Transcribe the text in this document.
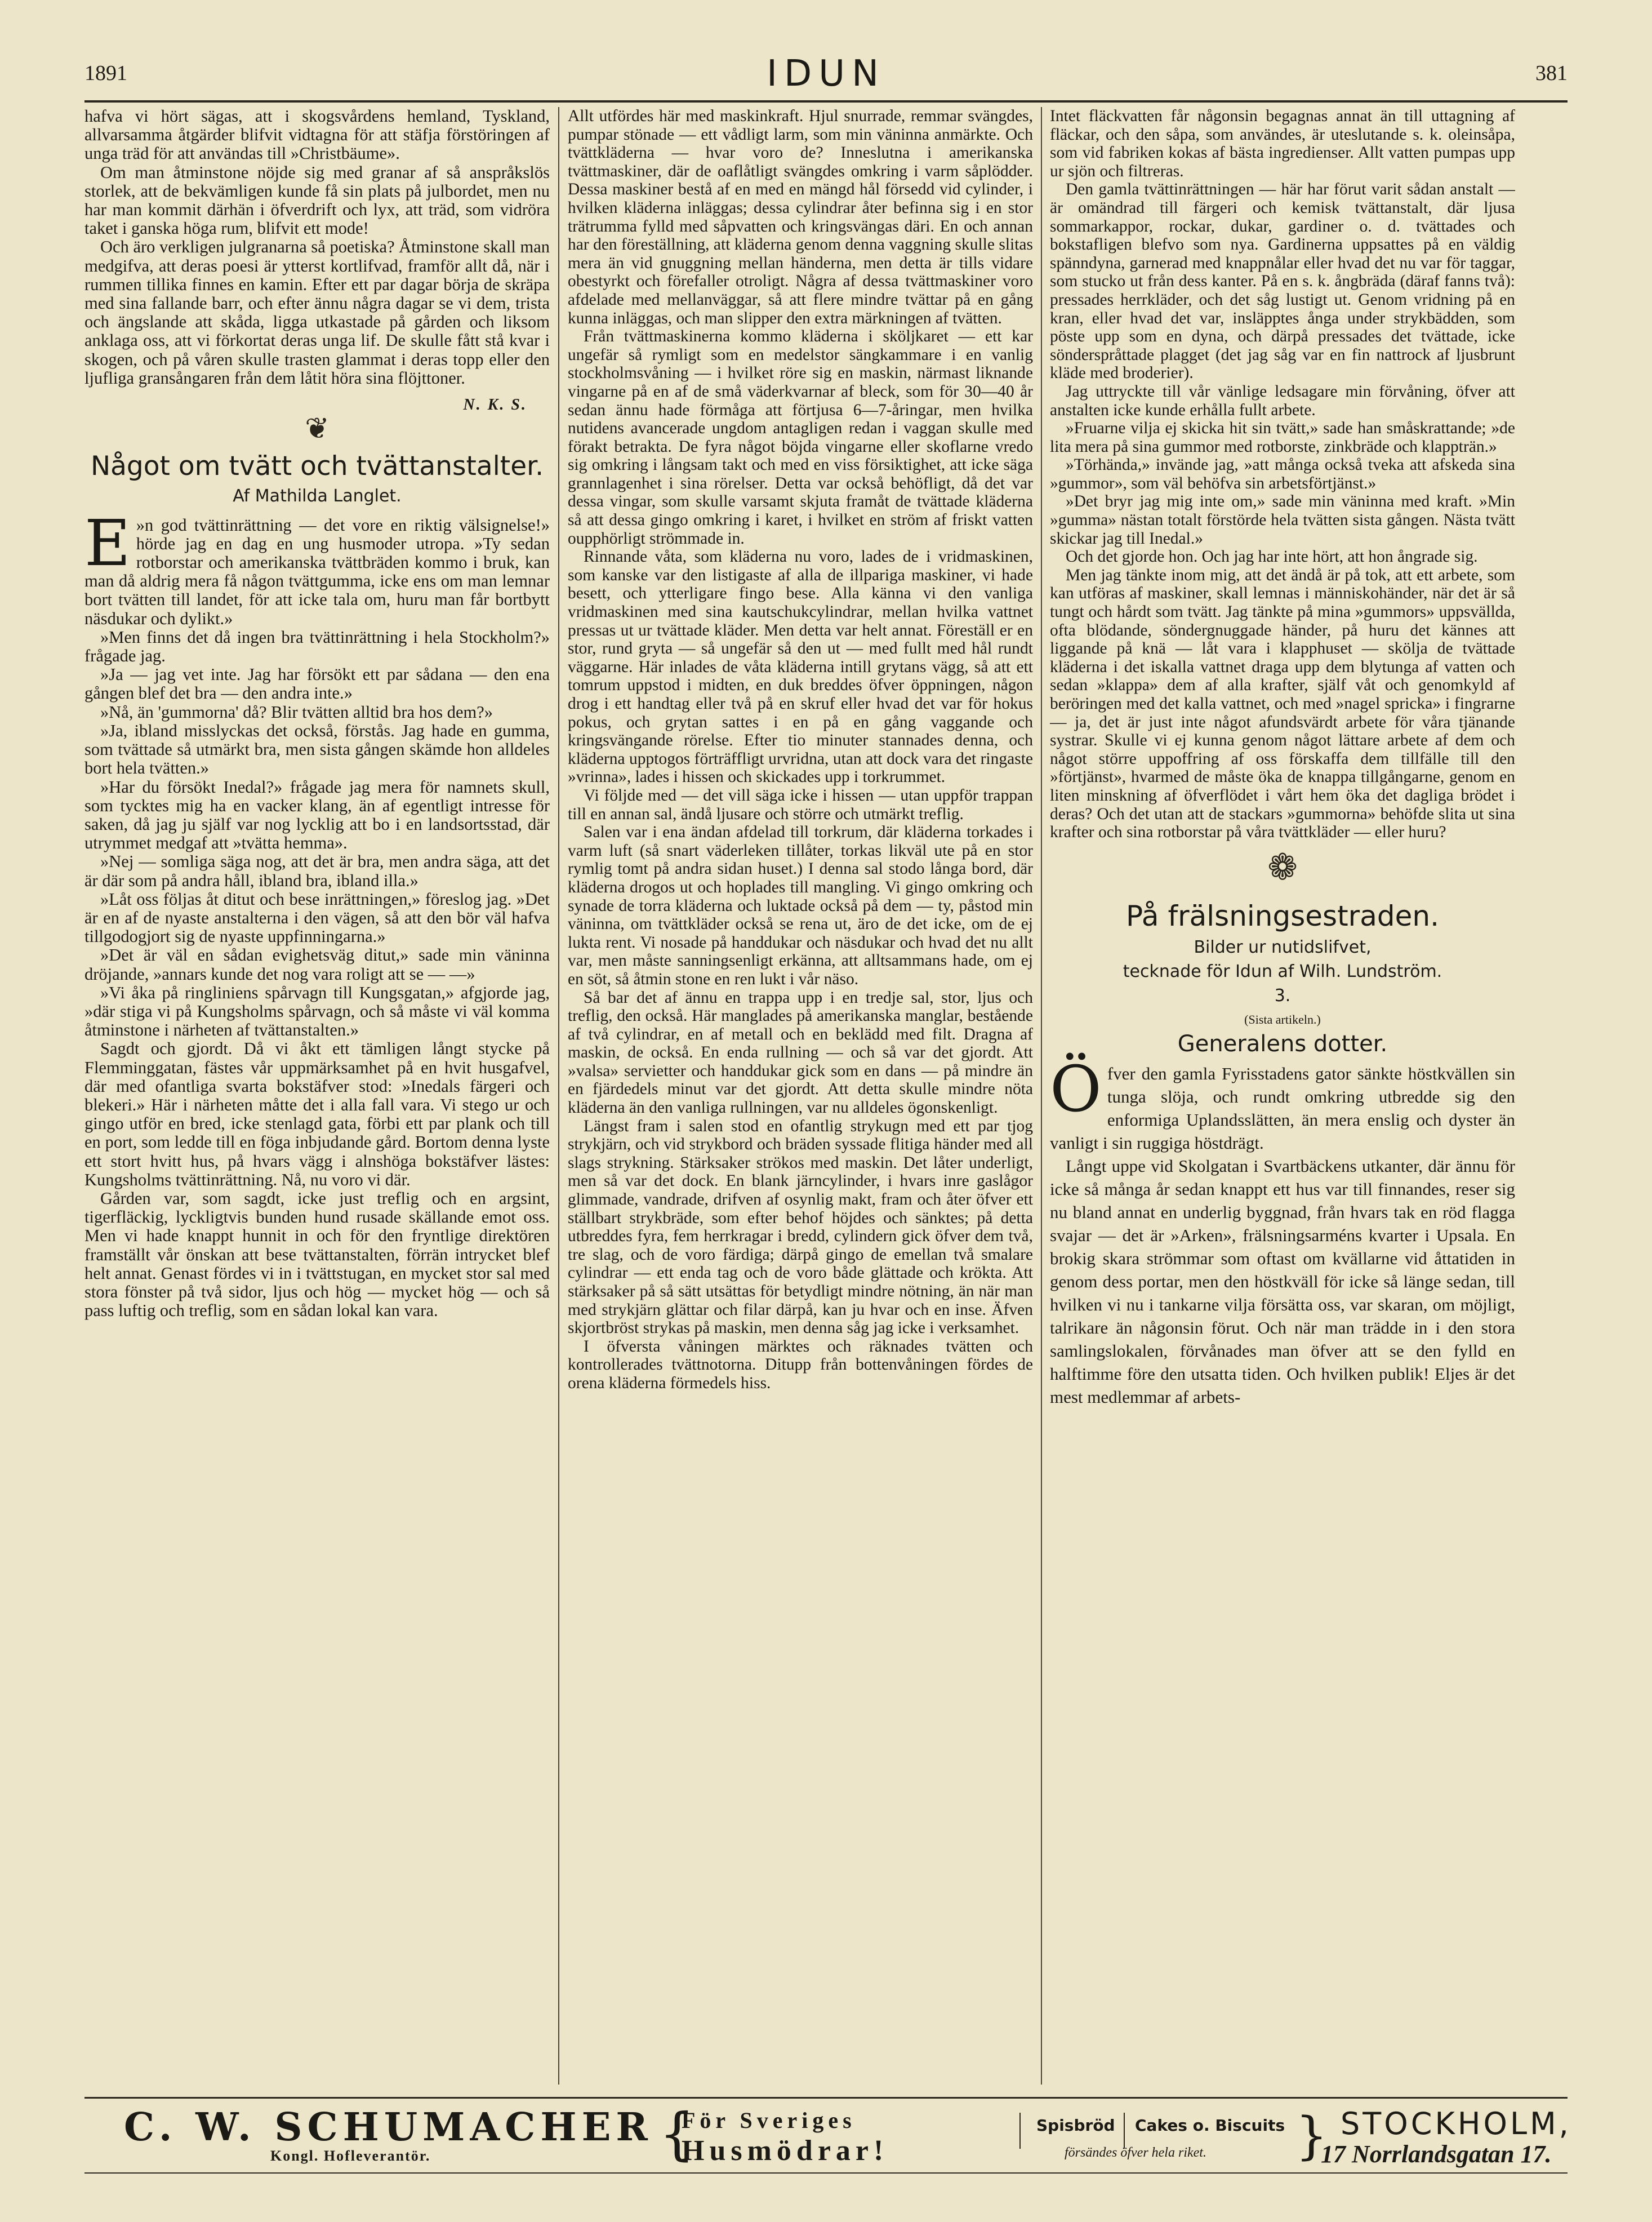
1891	IDUN	381

hafva vi hört sägas, att i skogsvårdens hemland, Tyskland, allvarsamma åtgärder blifvit vidtagna för att stäfja förstöringen af unga träd för att användas till »Christbäume».

Om man åtminstone nöjde sig med granar af så anspråkslös storlek, att de bekvämligen kunde få sin plats på julbordet, men nu har man kommit därhän i öfverdrift och lyx, att träd, som vidröra taket i ganska höga rum, blifvit ett mode!

Och äro verkligen julgranarna så poetiska? Åtminstone skall man medgifva, att deras poesi är ytterst kortlifvad, framför allt då, när i rummen tillika finnes en kamin. Efter ett par dagar börja de skräpa med sina fallande barr, och efter ännu några dagar se vi dem, trista och ängslande att skåda, ligga utkastade på gården och liksom anklaga oss, att vi förkortat deras unga lif. De skulle fått stå kvar i skogen, och på våren skulle trasten glammat i deras topp eller den ljufliga gransångaren från dem låtit höra sina flöjttoner.

N. K. S.
❦
Något om tvätt och tvättanstalter.
Af Mathilda Langlet.

E »n god tvättinrättning — det vore en riktig välsignelse!» hörde jag en dag en ung husmoder utropa. »Ty sedan rotborstar och amerikanska tvättbräden kommo i bruk, kan man då aldrig mera få någon tvättgumma, icke ens om man lemnar bort tvätten till landet, för att icke tala om, huru man får bortbytt näsdukar och dylikt.»

»Men finns det då ingen bra tvättinrättning i hela Stockholm?» frågade jag.

»Ja — jag vet inte. Jag har försökt ett par sådana — den ena gången blef det bra — den andra inte.»

»Nå, än 'gummorna' då? Blir tvätten alltid bra hos dem?»

»Ja, ibland misslyckas det också, förstås. Jag hade en gumma, som tvättade så utmärkt bra, men sista gången skämde hon alldeles bort hela tvätten.»

»Har du försökt Inedal?» frågade jag mera för namnets skull, som tycktes mig ha en vacker klang, än af egentligt intresse för saken, då jag ju själf var nog lycklig att bo i en landsortsstad, där utrymmet medgaf att »tvätta hemma».

»Nej — somliga säga nog, att det är bra, men andra säga, att det är där som på andra håll, ibland bra, ibland illa.»

»Låt oss följas åt ditut och bese inrättningen,» föreslog jag. »Det är en af de nyaste anstalterna i den vägen, så att den bör väl hafva tillgodogjort sig de nyaste uppfinningarna.»

»Det är väl en sådan evighetsväg ditut,» sade min väninna dröjande, »annars kunde det nog vara roligt att se — —»

»Vi åka på ringliniens spårvagn till Kungsgatan,» afgjorde jag, »där stiga vi på Kungsholms spårvagn, och så måste vi väl komma åtminstone i närheten af tvättanstalten.»

Sagdt och gjordt. Då vi åkt ett tämligen långt stycke på Flemminggatan, fästes vår uppmärksamhet på en hvit husgafvel, där med ofantliga svarta bokstäfver stod: »Inedals färgeri och blekeri.» Här i närheten måtte det i alla fall vara. Vi stego ur och gingo utför en bred, icke stenlagd gata, förbi ett par plank och till en port, som ledde till en föga inbjudande gård. Bortom denna lyste ett stort hvitt hus, på hvars vägg i alnshöga bokstäfver lästes: Kungsholms tvättinrättning. Nå, nu voro vi där.

Gården var, som sagdt, icke just treflig och en argsint, tigerfläckig, lyckligtvis bunden hund rusade skällande emot oss. Men vi hade knappt hunnit in och för den fryntlige direktören framställt vår önskan att bese tvättanstalten, förrän intrycket blef helt annat. Genast fördes vi in i tvättstugan, en mycket stor sal med stora fönster på två sidor, ljus och hög — mycket hög — och så pass luftig och treflig, som en sådan lokal kan vara.

Allt utfördes här med maskinkraft. Hjul snurrade, remmar svängdes, pumpar stönade — ett vådligt larm, som min väninna anmärkte. Och tvättkläderna — hvar voro de? Inneslutna i amerikanska tvättmaskiner, där de oaflåtligt svängdes omkring i varm såplödder. Dessa maskiner bestå af en med en mängd hål försedd vid cylinder, i hvilken kläderna inläggas; dessa cylindrar åter befinna sig i en stor trätrumma fylld med såpvatten och kringsvängas däri. En och annan har den föreställning, att kläderna genom denna vaggning skulle slitas mera än vid gnuggning mellan händerna, men detta är tills vidare obestyrkt och förefaller otroligt. Några af dessa tvättmaskiner voro afdelade med mellanväggar, så att flere mindre tvättar på en gång kunna inläggas, och man slipper den extra märkningen af tvätten.

Från tvättmaskinerna kommo kläderna i sköljkaret — ett kar ungefär så rymligt som en medelstor sängkammare i en vanlig stockholmsvåning — i hvilket röre sig en maskin, närmast liknande vingarne på en af de små väderkvarnar af bleck, som för 30—40 år sedan ännu hade förmåga att förtjusa 6—7-åringar, men hvilka nutidens avancerade ungdom antagligen redan i vaggan skulle med förakt betrakta. De fyra något böjda vingarne eller skoflarne vredo sig omkring i långsam takt och med en viss försiktighet, att icke säga grannlagenhet i sina rörelser. Detta var också behöfligt, då det var dessa vingar, som skulle varsamt skjuta framåt de tvättade kläderna så att dessa gingo omkring i karet, i hvilket en ström af friskt vatten oupphörligt strömmade in.

Rinnande våta, som kläderna nu voro, lades de i vridmaskinen, som kanske var den listigaste af alla de illpariga maskiner, vi hade besett, och ytterligare fingo bese. Alla känna vi den vanliga vridmaskinen med sina kautschukcylindrar, mellan hvilka vattnet pressas ut ur tvättade kläder. Men detta var helt annat. Föreställ er en stor, rund gryta — så ungefär så den ut — med fullt med hål rundt väggarne. Här inlades de våta kläderna intill grytans vägg, så att ett tomrum uppstod i midten, en duk breddes öfver öppningen, någon drog i ett handtag eller två på en skruf eller hvad det var för hokus pokus, och grytan sattes i en på en gång vaggande och kringsvängande rörelse. Efter tio minuter stannades denna, och kläderna upptogos förträffligt urvridna, utan att dock vara det ringaste »vrinna», lades i hissen och skickades upp i torkrummet.

Vi följde med — det vill säga icke i hissen — utan uppför trappan till en annan sal, ändå ljusare och större och utmärkt treflig.

Salen var i ena ändan afdelad till torkrum, där kläderna torkades i varm luft (så snart väderleken tillåter, torkas likväl ute på en stor rymlig tomt på andra sidan huset.) I denna sal stodo långa bord, där kläderna drogos ut och hoplades till mangling. Vi gingo omkring och synade de torra kläderna och luktade också på dem — ty, påstod min väninna, om tvättkläder också se rena ut, äro de det icke, om de ej lukta rent. Vi nosade på handdukar och näsdukar och hvad det nu allt var, men måste sanningsenligt erkänna, att alltsammans hade, om ej en söt, så åtmin stone en ren lukt i vår näso.

Så bar det af ännu en trappa upp i en tredje sal, stor, ljus och treflig, den också. Här manglades på amerikanska manglar, bestående af två cylindrar, en af metall och en beklädd med filt. Dragna af maskin, de också. En enda rullning — och så var det gjordt. Att »valsa» servietter och handdukar gick som en dans — på mindre än en fjärdedels minut var det gjordt. Att detta skulle mindre nöta kläderna än den vanliga rullningen, var nu alldeles ögonskenligt.

Längst fram i salen stod en ofantlig strykugn med ett par tjog strykjärn, och vid strykbord och bräden syssade flitiga händer med all slags strykning. Stärksaker strökos med maskin. Det låter underligt, men så var det dock. En blank järncylinder, i hvars inre gaslågor glimmade, vandrade, drifven af osynlig makt, fram och åter öfver ett ställbart strykbräde, som efter behof höjdes och sänktes; på detta utbreddes fyra, fem herrkragar i bredd, cylindern gick öfver dem två, tre slag, och de voro färdiga; därpå gingo de emellan två smalare cylindrar — ett enda tag och de voro både glättade och krökta. Att stärksaker på så sätt utsättas för betydligt mindre nötning, än när man med strykjärn glättar och filar därpå, kan ju hvar och en inse. Äfven skjortbröst strykas på maskin, men denna såg jag icke i verksamhet.

I öfversta våningen märktes och räknades tvätten och kontrollerades tvättnotorna. Ditupp från bottenvåningen fördes de orena kläderna förmedels hiss.

Intet fläckvatten får någonsin begagnas annat än till uttagning af fläckar, och den såpa, som användes, är uteslutande s. k. oleinsåpa, som vid fabriken kokas af bästa ingredienser. Allt vatten pumpas upp ur sjön och filtreras.

Den gamla tvättinrättningen — här har förut varit sådan anstalt — är omändrad till färgeri och kemisk tvättanstalt, där ljusa sommarkappor, rockar, dukar, gardiner o. d. tvättades och bokstafligen blefvo som nya. Gardinerna uppsattes på en väldig spänndyna, garnerad med knappnålar eller hvad det nu var för taggar, som stucko ut från dess kanter. På en s. k. ångbräda (däraf fanns två): pressades herrkläder, och det såg lustigt ut. Genom vridning på en kran, eller hvad det var, insläpptes ånga under strykbädden, som pöste upp som en dyna, och därpå pressades det tvättade, icke sönderspråttade plagget (det jag såg var en fin nattrock af ljusbrunt kläde med broderier).

Jag uttryckte till vår vänlige ledsagare min förvåning, öfver att anstalten icke kunde erhålla fullt arbete.

»Fruarne vilja ej skicka hit sin tvätt,» sade han småskrattande; »de lita mera på sina gummor med rotborste, zinkbräde och klappträn.»

»Törhända,» invände jag, »att många också tveka att afskeda sina »gummor», som väl behöfva sin arbetsförtjänst.»

»Det bryr jag mig inte om,» sade min väninna med kraft. »Min »gumma» nästan totalt förstörde hela tvätten sista gången. Nästa tvätt skickar jag till Inedal.»

Och det gjorde hon. Och jag har inte hört, att hon ångrade sig.

Men jag tänkte inom mig, att det ändå är på tok, att ett arbete, som kan utföras af maskiner, skall lemnas i människohänder, när det är så tungt och hårdt som tvätt. Jag tänkte på mina »gummors» uppsvällda, ofta blödande, söndergnuggade händer, på huru det kännes att liggande på knä — låt vara i klapphuset — skölja de tvättade kläderna i det iskalla vattnet draga upp dem blytunga af vatten och sedan »klappa» dem af alla krafter, själf våt och genomkyld af beröringen med det kalla vattnet, och med »nagel spricka» i fingrarne — ja, det är just inte något afundsvärdt arbete för våra tjänande systrar. Skulle vi ej kunna genom något lättare arbete af dem och något större uppoffring af oss förskaffa dem tillfälle till den »förtjänst», hvarmed de måste öka de knappa tillgångarne, genom en liten minskning af öfverflödet i vårt hem öka det dagliga brödet i deras? Och det utan att de stackars »gummorna» behöfde slita ut sina krafter och sina rotborstar på våra tvättkläder — eller huru?

❁
På frälsningsestraden.
Bilder ur nutidslifvet,
tecknade för Idun af Wilh. Lundström.
3.
(Sista artikeln.)
Generalens dotter.

Öfver den gamla Fyrisstadens gator sänkte höstkvällen sin tunga slöja, och rundt omkring utbredde sig den enformiga Uplandsslätten, än mera enslig och dyster än vanligt i sin ruggiga höstdrägt.

Långt uppe vid Skolgatan i Svartbäckens utkanter, där ännu för icke så många år sedan knappt ett hus var till finnandes, reser sig nu bland annat en underlig byggnad, från hvars tak en röd flagga svajar — det är »Arken», frälsningsarméns kvarter i Upsala. En brokig skara strömmar som oftast om kvällarne vid åttatiden in genom dess portar, men den höstkväll för icke så länge sedan, till hvilken vi nu i tankarne vilja försätta oss, var skaran, om möjligt, talrikare än någonsin förut. Och när man trädde in i den stora samlingslokalen, förvånades man öfver att se den fylld en halftimme före den utsatta tiden. Och hvilken publik! Eljes är det mest medlemmar af arbets-

C. W. SCHUMACHER
Kongl. Hofleverantör.	{
För Sveriges
Husmödrar!
Spisbröd Cakes o. Biscuits
försändes öfver hela riket. } STOCKHOLM,
17 Norrlandsgatan 17.
